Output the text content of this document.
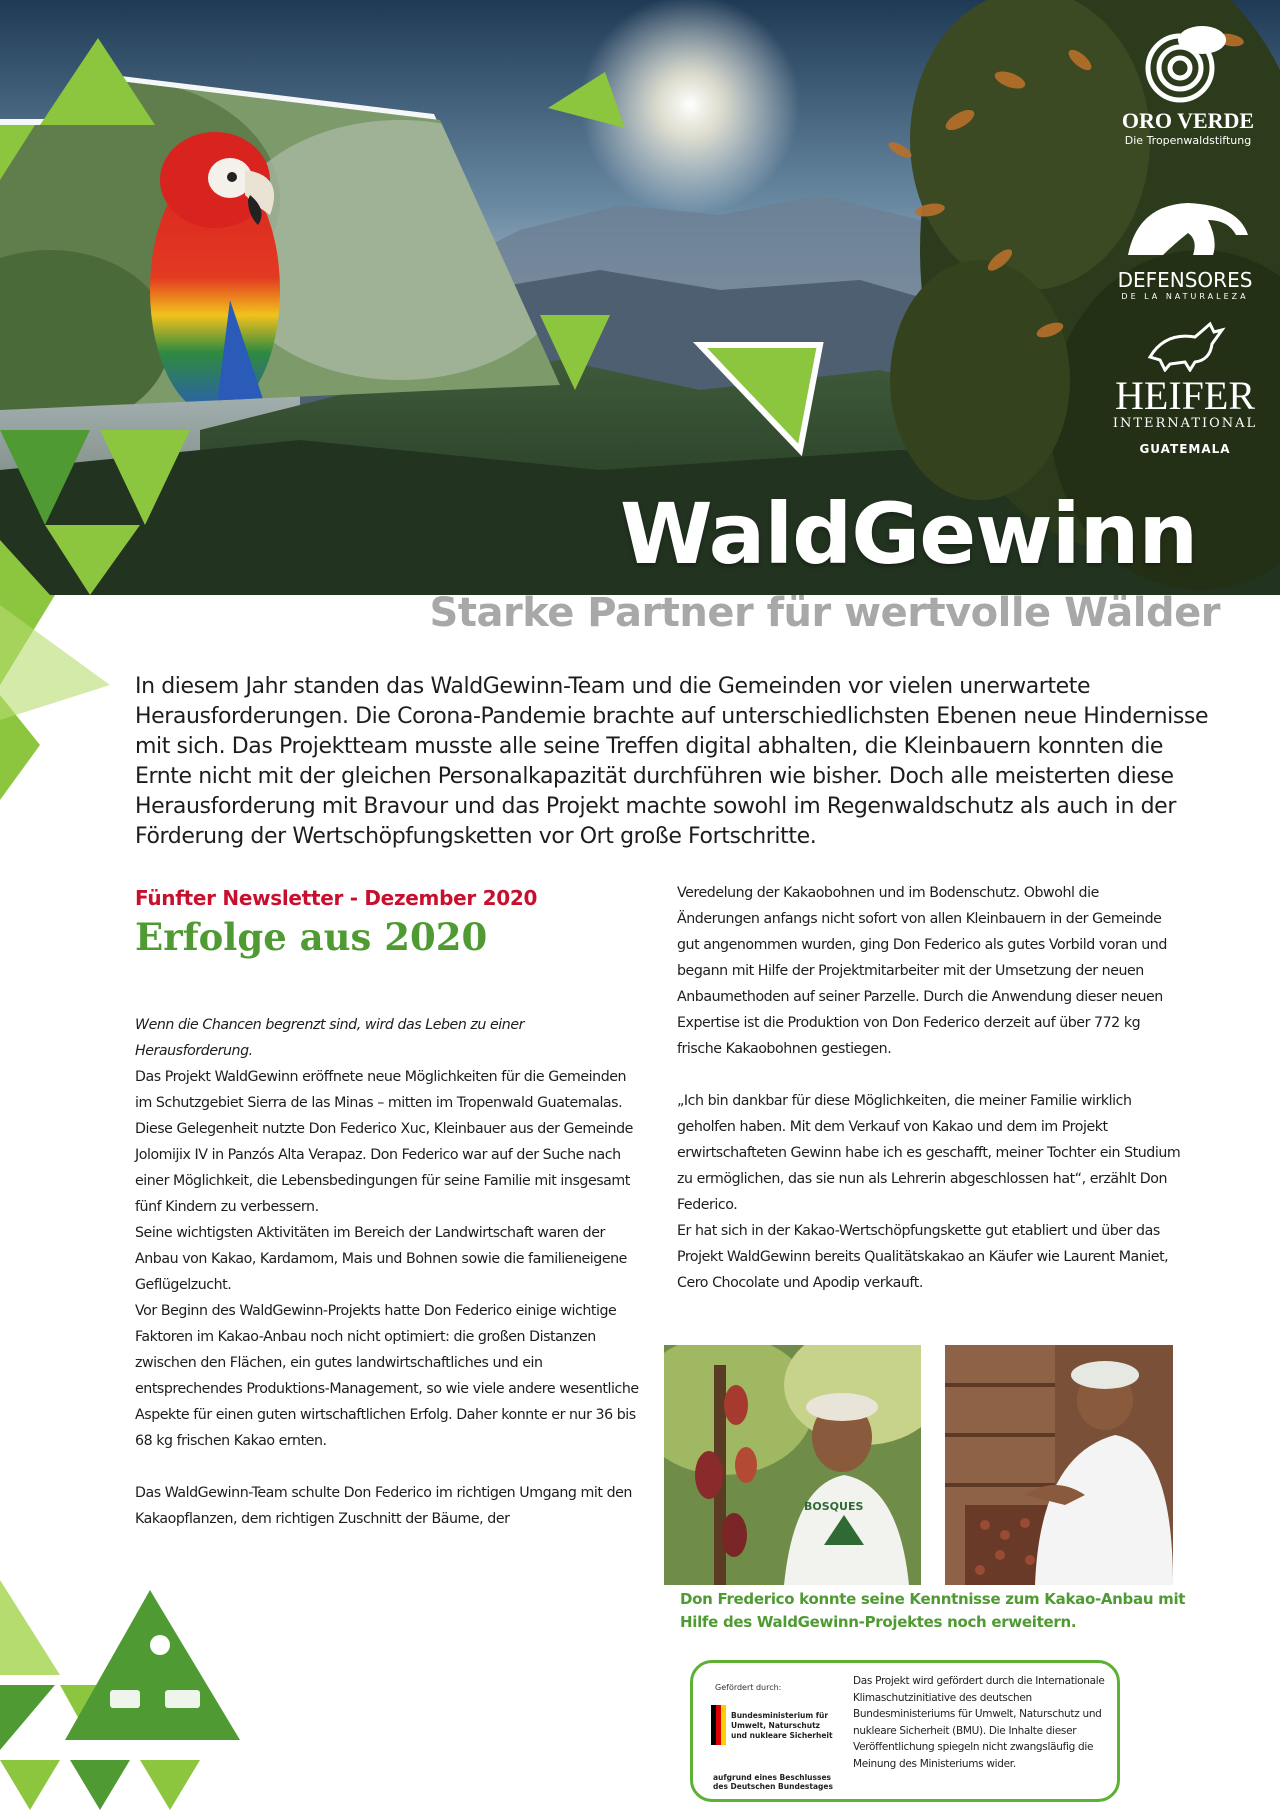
ORO VERDE
Die Tropenwaldstiftung
DEFENSORES
DE LA NATURALEZA
HEIFER
INTERNATIONAL
GUATEMALA
WaldGewinn
Starke Partner für wertvolle Wälder

In diesem Jahr standen das WaldGewinn-Team und die Gemeinden vor vielen unerwartete Herausforderungen. Die Corona-Pandemie brachte auf unterschiedlichsten Ebenen neue Hindernisse mit sich. Das Projektteam musste alle seine Treffen digital abhalten, die Kleinbauern konnten die Ernte nicht mit der gleichen Personalkapazität durchführen wie bisher. Doch alle meisterten diese Herausforderung mit Bravour und das Projekt machte sowohl im Regenwaldschutz als auch in der Förderung der Wertschöpfungsketten vor Ort große Fortschritte.

Fünfter Newsletter - Dezember 2020
Erfolge aus 2020

Wenn die Chancen begrenzt sind, wird das Leben zu einer Herausforderung.

Das Projekt WaldGewinn eröffnete neue Möglichkeiten für die Gemeinden im Schutzgebiet Sierra de las Minas – mitten im Tropenwald Guatemalas.

Diese Gelegenheit nutzte Don Federico Xuc, Kleinbauer aus der Gemeinde Jolomijix IV in Panzós Alta Verapaz. Don Federico war auf der Suche nach einer Möglichkeit, die Lebensbedingungen für seine Familie mit insgesamt fünf Kindern zu verbessern.

Seine wichtigsten Aktivitäten im Bereich der Landwirtschaft waren der Anbau von Kakao, Kardamom, Mais und Bohnen sowie die familieneigene Geflügelzucht.

Vor Beginn des WaldGewinn-Projekts hatte Don Federico einige wichtige Faktoren im Kakao-Anbau noch nicht optimiert: die großen Distanzen zwischen den Flächen, ein gutes landwirtschaftliches und ein entsprechendes Produktions-Management, so wie viele andere wesentliche Aspekte für einen guten wirtschaftlichen Erfolg. Daher konnte er nur 36 bis 68 kg frischen Kakao ernten.

Das WaldGewinn-Team schulte Don Federico im richtigen Umgang mit den Kakaopflanzen, dem richtigen Zuschnitt der Bäume, der

Veredelung der Kakaobohnen und im Bodenschutz. Obwohl die Änderungen anfangs nicht sofort von allen Kleinbauern in der Gemeinde gut angenommen wurden, ging Don Federico als gutes Vorbild voran und begann mit Hilfe der Projektmitarbeiter mit der Umsetzung der neuen Anbaumethoden auf seiner Parzelle. Durch die Anwendung dieser neuen Expertise ist die Produktion von Don Federico derzeit auf über 772 kg frische Kakaobohnen gestiegen.

„Ich bin dankbar für diese Möglichkeiten, die meiner Familie wirklich geholfen haben. Mit dem Verkauf von Kakao und dem im Projekt erwirtschafteten Gewinn habe ich es geschafft, meiner Tochter ein Studium zu ermöglichen, das sie nun als Lehrerin abgeschlossen hat“, erzählt Don Federico.

Er hat sich in der Kakao-Wertschöpfungskette gut etabliert und über das Projekt WaldGewinn bereits Qualitätskakao an Käufer wie Laurent Maniet, Cero Chocolate und Apodip verkauft.

BOSQUES

Don Frederico konnte seine Kenntnisse zum Kakao-Anbau mit Hilfe des WaldGewinn-Projektes noch erweitern.

Gefördert durch:
Bundesministerium für Umwelt, Naturschutz und nukleare Sicherheit
aufgrund eines Beschlusses des Deutschen Bundestages
Das Projekt wird gefördert durch die Internationale Klimaschutzinitiative des deutschen Bundesministeriums für Umwelt, Naturschutz und nukleare Sicherheit (BMU). Die Inhalte dieser Veröffentlichung spiegeln nicht zwangsläufig die Meinung des Ministeriums wider.
